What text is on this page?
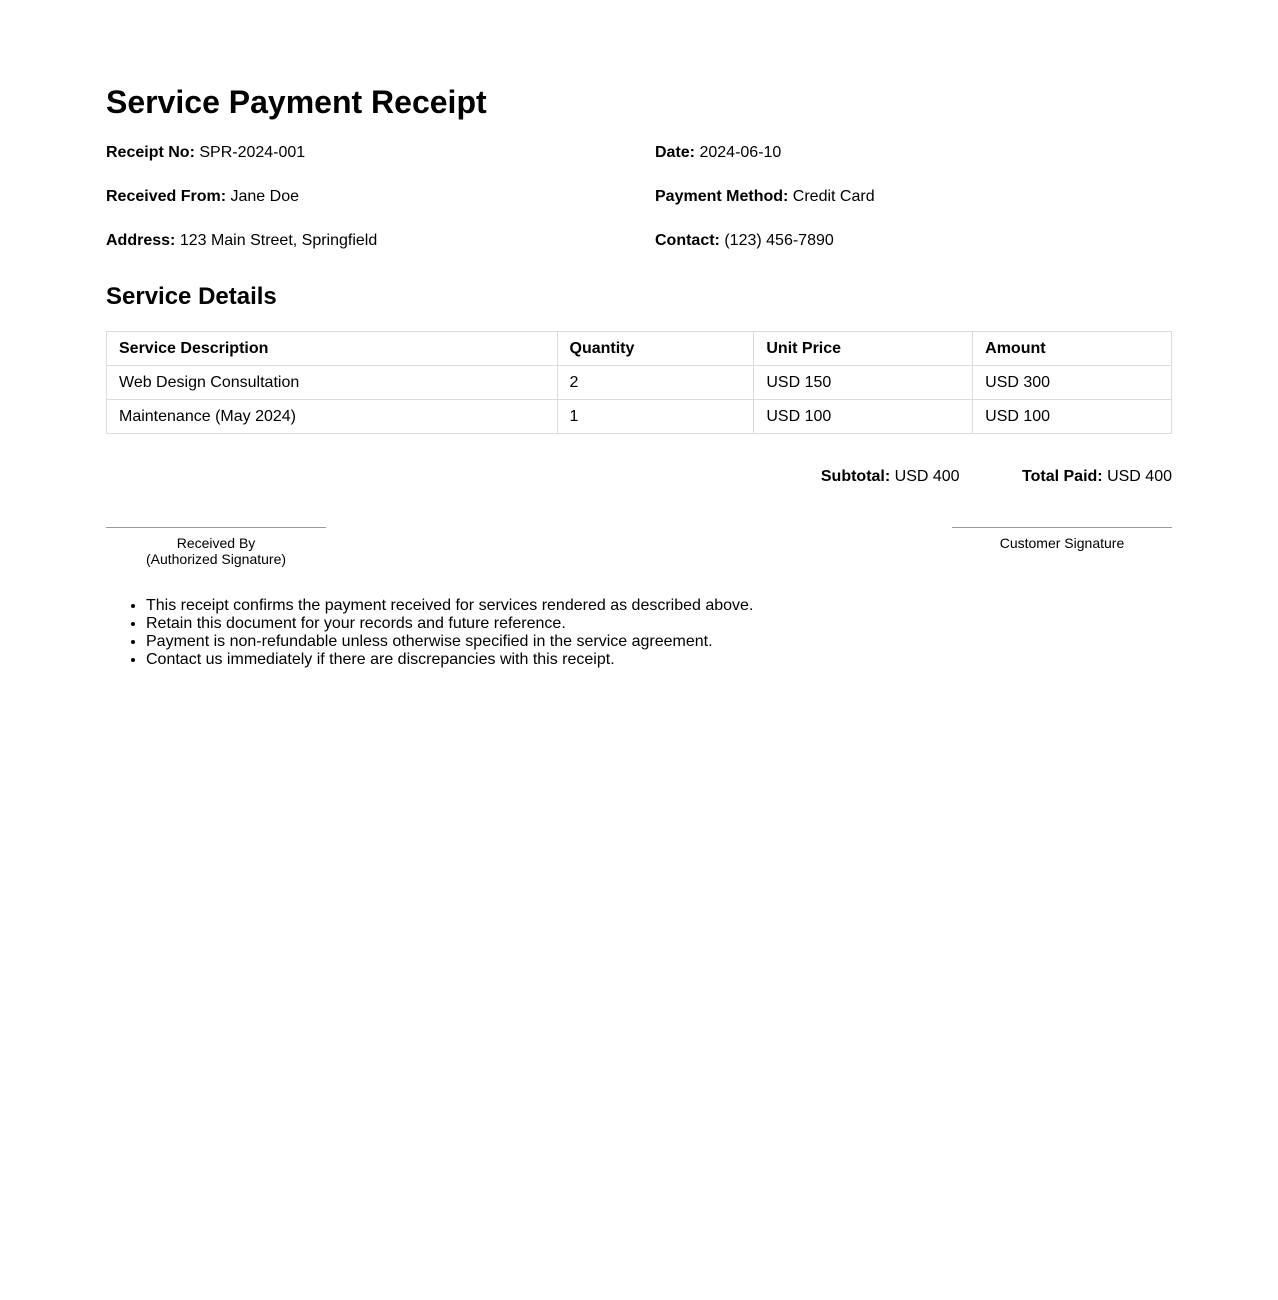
Service Payment Receipt
Receipt No: SPR-2024-001	Date: 2024-06-10
Received From: Jane Doe	Payment Method: Credit Card
Address: 123 Main Street, Springfield	Contact: (123) 456-7890
Service Details
Service Description	Quantity	Unit Price	Amount
Web Design Consultation	2	USD 150	USD 300
Maintenance (May 2024)	1	USD 100	USD 100
Subtotal: USD 400	Total Paid: USD 400
Received By
(Authorized Signature)
Customer Signature
• This receipt confirms the payment received for services rendered as described above.
• Retain this document for your records and future reference.
• Payment is non-refundable unless otherwise specified in the service agreement.
• Contact us immediately if there are discrepancies with this receipt.
